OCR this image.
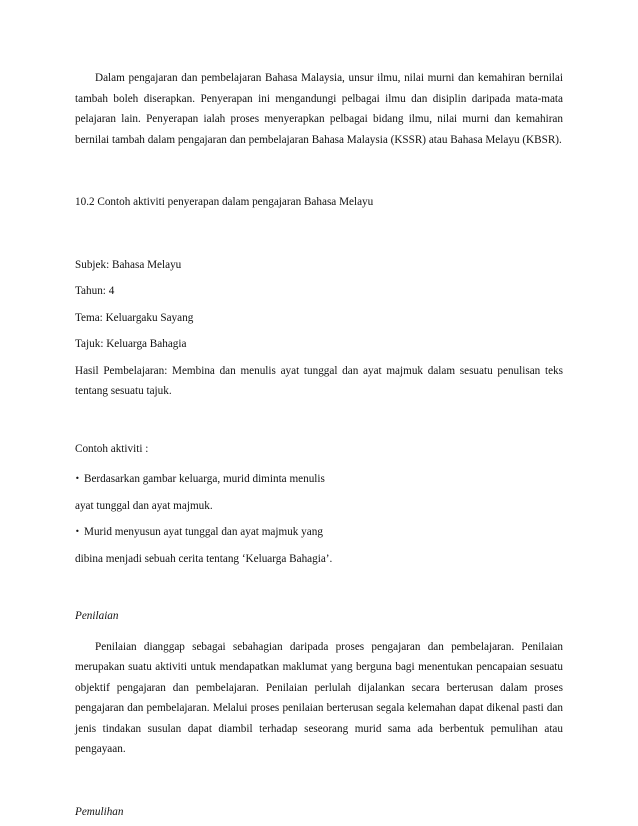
Dalam pengajaran dan pembelajaran Bahasa Malaysia, unsur ilmu, nilai murni dan kemahiran bernilai tambah boleh diserapkan. Penyerapan ini mengandungi pelbagai ilmu dan disiplin daripada mata-mata pelajaran lain. Penyerapan ialah proses menyerapkan pelbagai bidang ilmu, nilai murni dan kemahiran bernilai tambah dalam pengajaran dan pembelajaran Bahasa Malaysia (KSSR) atau Bahasa Melayu (KBSR).

10.2 Contoh aktiviti penyerapan dalam pengajaran Bahasa Melayu

Subjek: Bahasa Melayu

Tahun: 4

Tema: Keluargaku Sayang

Tajuk: Keluarga Bahagia

Hasil Pembelajaran: Membina dan menulis ayat tunggal dan ayat majmuk dalam sesuatu penulisan teks tentang sesuatu tajuk.

Contoh aktiviti :

• Berdasarkan gambar keluarga, murid diminta menulis

ayat tunggal dan ayat majmuk.

• Murid menyusun ayat tunggal dan ayat majmuk yang

dibina menjadi sebuah cerita tentang ‘Keluarga Bahagia’.

Penilaian

Penilaian dianggap sebagai sebahagian daripada proses pengajaran dan pembelajaran. Penilaian merupakan suatu aktiviti untuk mendapatkan maklumat yang berguna bagi menentukan pencapaian sesuatu objektif pengajaran dan pembelajaran. Penilaian perlulah dijalankan secara berterusan dalam proses pengajaran dan pembelajaran. Melalui proses penilaian berterusan segala kelemahan dapat dikenal pasti dan jenis tindakan susulan dapat diambil terhadap seseorang murid sama ada berbentuk pemulihan atau pengayaan.

Pemulihan
